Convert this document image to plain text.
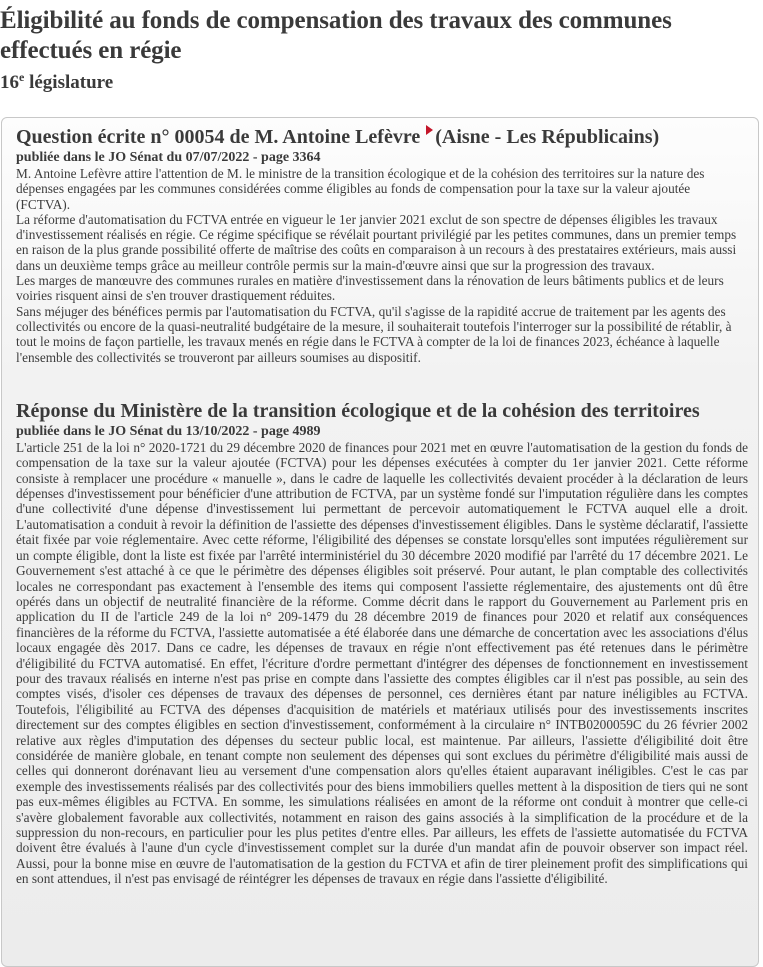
Éligibilité au fonds de compensation des travaux des communes effectués en régie
16e législature
Question écrite n° 00054 de M. Antoine Lefèvre (Aisne - Les Républicains)
publiée dans le JO Sénat du 07/07/2022 - page 3364

M. Antoine Lefèvre attire l'attention de M. le ministre de la transition écologique et de la cohésion des territoires sur la nature des dépenses engagées par les communes considérées comme éligibles au fonds de compensation pour la taxe sur la valeur ajoutée (FCTVA).

La réforme d'automatisation du FCTVA entrée en vigueur le 1er janvier 2021 exclut de son spectre de dépenses éligibles les travaux d'investissement réalisés en régie. Ce régime spécifique se révélait pourtant privilégié par les petites communes, dans un premier temps en raison de la plus grande possibilité offerte de maîtrise des coûts en comparaison à un recours à des prestataires extérieurs, mais aussi dans un deuxième temps grâce au meilleur contrôle permis sur la main-d'œuvre ainsi que sur la progression des travaux.

Les marges de manœuvre des communes rurales en matière d'investissement dans la rénovation de leurs bâtiments publics et de leurs voiries risquent ainsi de s'en trouver drastiquement réduites.

Sans méjuger des bénéfices permis par l'automatisation du FCTVA, qu'il s'agisse de la rapidité accrue de traitement par les agents des collectivités ou encore de la quasi-neutralité budgétaire de la mesure, il souhaiterait toutefois l'interroger sur la possibilité de rétablir, à tout le moins de façon partielle, les travaux menés en régie dans le FCTVA à compter de la loi de finances 2023, échéance à laquelle l'ensemble des collectivités se trouveront par ailleurs soumises au dispositif.

Réponse du Ministère de la transition écologique et de la cohésion des territoires
publiée dans le JO Sénat du 13/10/2022 - page 4989

L'article 251 de la loi n° 2020-1721 du 29 décembre 2020 de finances pour 2021 met en œuvre l'automatisation de la gestion du fonds de compensation de la taxe sur la valeur ajoutée (FCTVA) pour les dépenses exécutées à compter du 1er janvier 2021. Cette réforme consiste à remplacer une procédure « manuelle », dans le cadre de laquelle les collectivités devaient procéder à la déclaration de leurs dépenses d'investissement pour bénéficier d'une attribution de FCTVA, par un système fondé sur l'imputation régulière dans les comptes d'une collectivité d'une dépense d'investissement lui permettant de percevoir automatiquement le FCTVA auquel elle a droit. L'automatisation a conduit à revoir la définition de l'assiette des dépenses d'investissement éligibles. Dans le système déclaratif, l'assiette était fixée par voie réglementaire. Avec cette réforme, l'éligibilité des dépenses se constate lorsqu'elles sont imputées régulièrement sur un compte éligible, dont la liste est fixée par l'arrêté interministériel du 30 décembre 2020 modifié par l'arrêté du 17 décembre 2021. Le Gouvernement s'est attaché à ce que le périmètre des dépenses éligibles soit préservé. Pour autant, le plan comptable des collectivités locales ne correspondant pas exactement à l'ensemble des items qui composent l'assiette réglementaire, des ajustements ont dû être opérés dans un objectif de neutralité financière de la réforme. Comme décrit dans le rapport du Gouvernement au Parlement pris en application du II de l'article 249 de la loi n° 209-1479 du 28 décembre 2019 de finances pour 2020 et relatif aux conséquences financières de la réforme du FCTVA, l'assiette automatisée a été élaborée dans une démarche de concertation avec les associations d'élus locaux engagée dès 2017. Dans ce cadre, les dépenses de travaux en régie n'ont effectivement pas été retenues dans le périmètre d'éligibilité du FCTVA automatisé. En effet, l'écriture d'ordre permettant d'intégrer des dépenses de fonctionnement en investissement pour des travaux réalisés en interne n'est pas prise en compte dans l'assiette des comptes éligibles car il n'est pas possible, au sein des comptes visés, d'isoler ces dépenses de travaux des dépenses de personnel, ces dernières étant par nature inéligibles au FCTVA. Toutefois, l'éligibilité au FCTVA des dépenses d'acquisition de matériels et matériaux utilisés pour des investissements inscrites directement sur des comptes éligibles en section d'investissement, conformément à la circulaire n° INTB0200059C du 26 février 2002 relative aux règles d'imputation des dépenses du secteur public local, est maintenue. Par ailleurs, l'assiette d'éligibilité doit être considérée de manière globale, en tenant compte non seulement des dépenses qui sont exclues du périmètre d'éligibilité mais aussi de celles qui donneront dorénavant lieu au versement d'une compensation alors qu'elles étaient auparavant inéligibles. C'est le cas par exemple des investissements réalisés par des collectivités pour des biens immobiliers quelles mettent à la disposition de tiers qui ne sont pas eux-mêmes éligibles au FCTVA. En somme, les simulations réalisées en amont de la réforme ont conduit à montrer que celle-ci s'avère globalement favorable aux collectivités, notamment en raison des gains associés à la simplification de la procédure et de la suppression du non-recours, en particulier pour les plus petites d'entre elles. Par ailleurs, les effets de l'assiette automatisée du FCTVA doivent être évalués à l'aune d'un cycle d'investissement complet sur la durée d'un mandat afin de pouvoir observer son impact réel. Aussi, pour la bonne mise en œuvre de l'automatisation de la gestion du FCTVA et afin de tirer pleinement profit des simplifications qui en sont attendues, il n'est pas envisagé de réintégrer les dépenses de travaux en régie dans l'assiette d'éligibilité.
